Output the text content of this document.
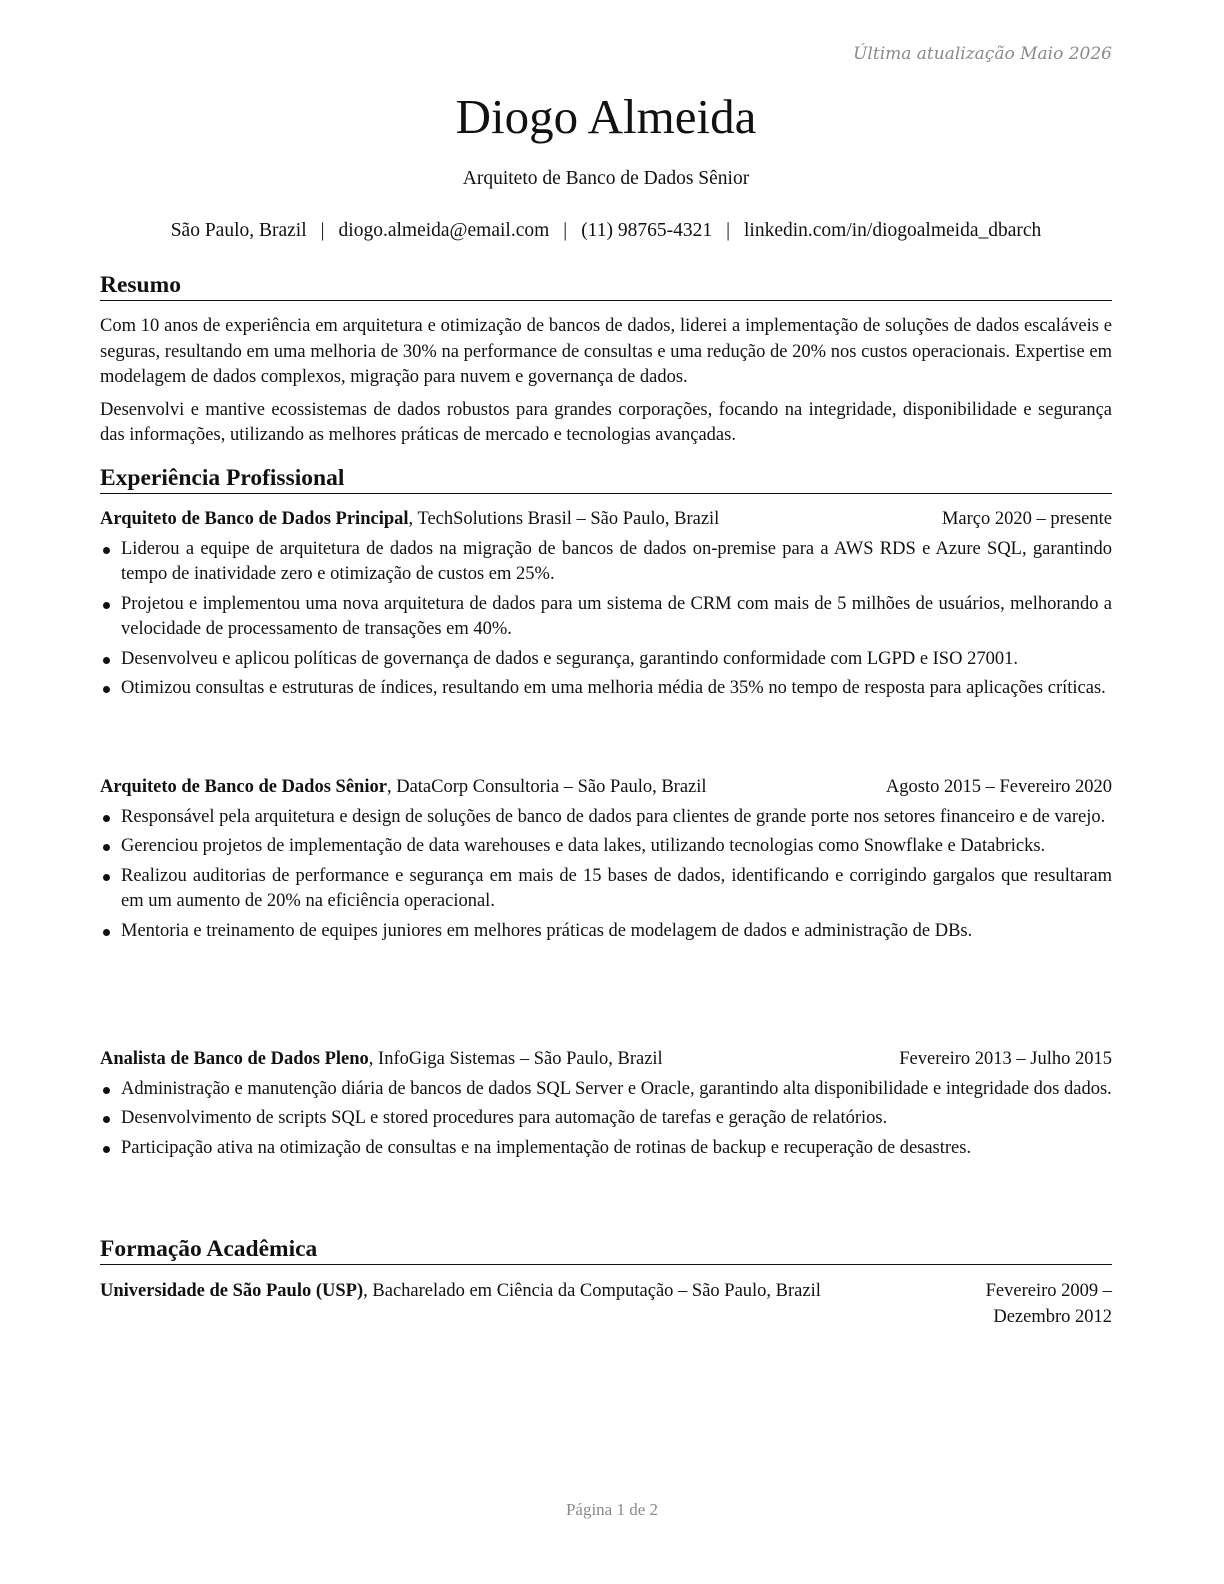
Última atualização Maio 2026
Diogo Almeida
Arquiteto de Banco de Dados Sênior
São Paulo, Brazil | diogo.almeida@email.com | (11) 98765-4321 | linkedin.com/in/diogoalmeida_dbarch
Resumo

Com 10 anos de experiência em arquitetura e otimização de bancos de dados, liderei a implementação de soluções de dados escaláveis e seguras, resultando em uma melhoria de 30% na performance de consultas e uma redução de 20% nos custos operacionais. Expertise em modelagem de dados complexos, migração para nuvem e governança de dados.

Desenvolvi e mantive ecossistemas de dados robustos para grandes corporações, focando na integridade, disponibilidade e segurança das informações, utilizando as melhores práticas de mercado e tecnologias avançadas.

Experiência Profissional
Arquiteto de Banco de Dados Principal, TechSolutions Brasil – São Paulo, Brazil	Março 2020 – presente
Liderou a equipe de arquitetura de dados na migração de bancos de dados on-premise para a AWS RDS e Azure SQL, garantindo tempo de inatividade zero e otimização de custos em 25%.
Projetou e implementou uma nova arquitetura de dados para um sistema de CRM com mais de 5 milhões de usuários, melhorando a velocidade de processamento de transações em 40%.
Desenvolveu e aplicou políticas de governança de dados e segurança, garantindo conformidade com LGPD e ISO 27001.
Otimizou consultas e estruturas de índices, resultando em uma melhoria média de 35% no tempo de resposta para aplicações críticas.
Arquiteto de Banco de Dados Sênior, DataCorp Consultoria – São Paulo, Brazil	Agosto 2015 – Fevereiro 2020
Responsável pela arquitetura e design de soluções de banco de dados para clientes de grande porte nos setores financeiro e de varejo.
Gerenciou projetos de implementação de data warehouses e data lakes, utilizando tecnologias como Snowflake e Databricks.
Realizou auditorias de performance e segurança em mais de 15 bases de dados, identificando e corrigindo gargalos que resultaram em um aumento de 20% na eficiência operacional.
Mentoria e treinamento de equipes juniores em melhores práticas de modelagem de dados e administração de DBs.
Analista de Banco de Dados Pleno, InfoGiga Sistemas – São Paulo, Brazil	Fevereiro 2013 – Julho 2015
Administração e manutenção diária de bancos de dados SQL Server e Oracle, garantindo alta disponibilidade e integridade dos dados.
Desenvolvimento de scripts SQL e stored procedures para automação de tarefas e geração de relatórios.
Participação ativa na otimização de consultas e na implementação de rotinas de backup e recuperação de desastres.
Formação Acadêmica
Universidade de São Paulo (USP), Bacharelado em Ciência da Computação – São Paulo, Brazil	Fevereiro 2009 – Dezembro 2012
Página 1 de 2
